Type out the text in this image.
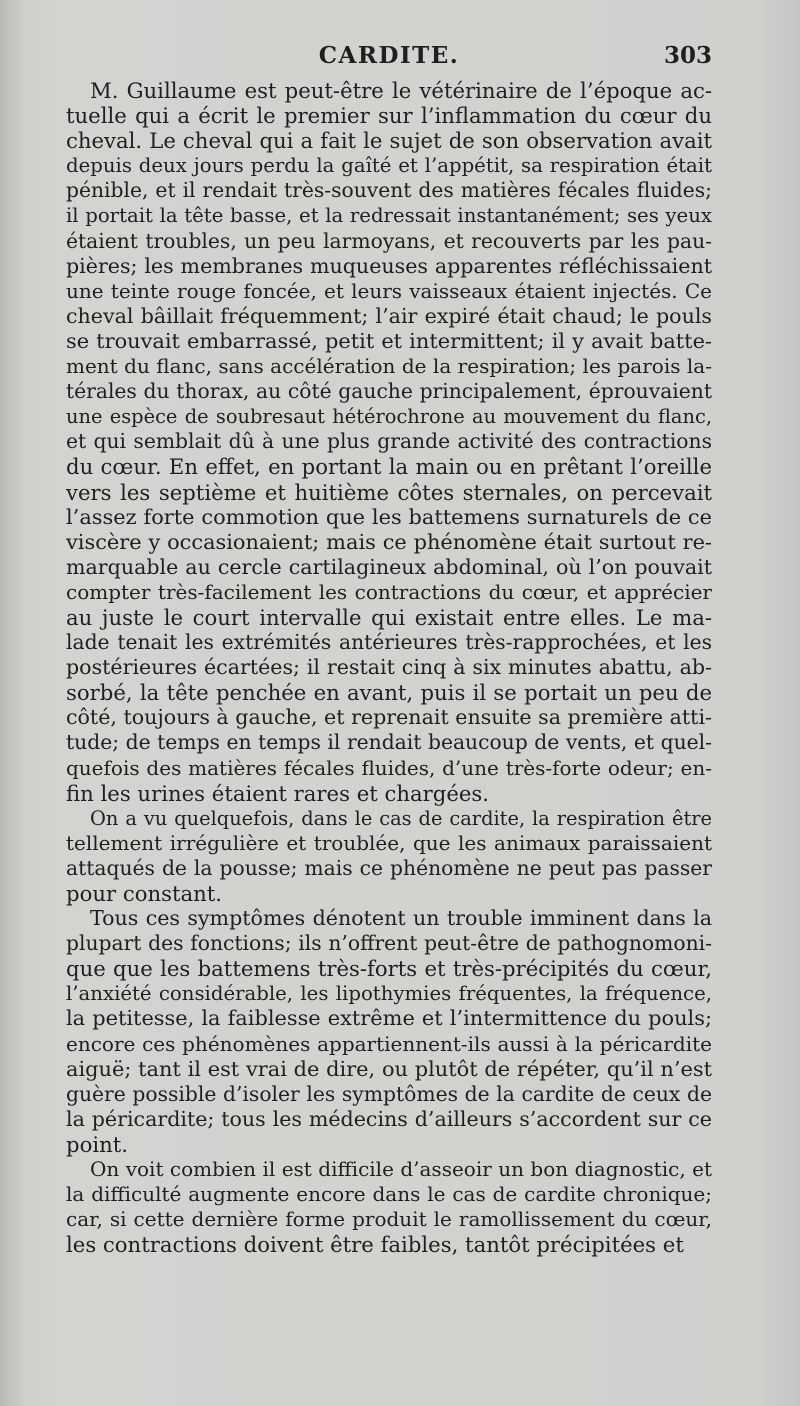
CARDITE.	303
M. Guillaume est peut-être le vétérinaire de l’époque ac-
tuelle qui a écrit le premier sur l’inflammation du cœur du
cheval. Le cheval qui a fait le sujet de son observation avait
depuis deux jours perdu la gaîté et l’appétit, sa respiration était
pénible, et il rendait très-souvent des matières fécales fluides;
il portait la tête basse, et la redressait instantanément; ses yeux
étaient troubles, un peu larmoyans, et recouverts par les pau-
pières; les membranes muqueuses apparentes réfléchissaient
une teinte rouge foncée, et leurs vaisseaux étaient injectés. Ce
cheval bâillait fréquemment; l’air expiré était chaud; le pouls
se trouvait embarrassé, petit et intermittent; il y avait batte-
ment du flanc, sans accélération de la respiration; les parois la-
térales du thorax, au côté gauche principalement, éprouvaient
une espèce de soubresaut hétérochrone au mouvement du flanc,
et qui semblait dû à une plus grande activité des contractions
du cœur. En effet, en portant la main ou en prêtant l’oreille
vers les septième et huitième côtes sternales, on percevait
l’assez forte commotion que les battemens surnaturels de ce
viscère y occasionaient; mais ce phénomène était surtout re-
marquable au cercle cartilagineux abdominal, où l’on pouvait
compter très-facilement les contractions du cœur, et apprécier
au juste le court intervalle qui existait entre elles. Le ma-
lade tenait les extrémités antérieures très-rapprochées, et les
postérieures écartées; il restait cinq à six minutes abattu, ab-
sorbé, la tête penchée en avant, puis il se portait un peu de
côté, toujours à gauche, et reprenait ensuite sa première atti-
tude; de temps en temps il rendait beaucoup de vents, et quel-
quefois des matières fécales fluides, d’une très-forte odeur; en-
fin les urines étaient rares et chargées.
On a vu quelquefois, dans le cas de cardite, la respiration être
tellement irrégulière et troublée, que les animaux paraissaient
attaqués de la pousse; mais ce phénomène ne peut pas passer
pour constant.
Tous ces symptômes dénotent un trouble imminent dans la
plupart des fonctions; ils n’offrent peut-être de pathognomoni-
que que les battemens très-forts et très-précipités du cœur,
l’anxiété considérable, les lipothymies fréquentes, la fréquence,
la petitesse, la faiblesse extrême et l’intermittence du pouls;
encore ces phénomènes appartiennent-ils aussi à la péricardite
aiguë; tant il est vrai de dire, ou plutôt de répéter, qu’il n’est
guère possible d’isoler les symptômes de la cardite de ceux de
la péricardite; tous les médecins d’ailleurs s’accordent sur ce
point.
On voit combien il est difficile d’asseoir un bon diagnostic, et
la difficulté augmente encore dans le cas de cardite chronique;
car, si cette dernière forme produit le ramollissement du cœur,
les contractions doivent être faibles, tantôt précipitées et
